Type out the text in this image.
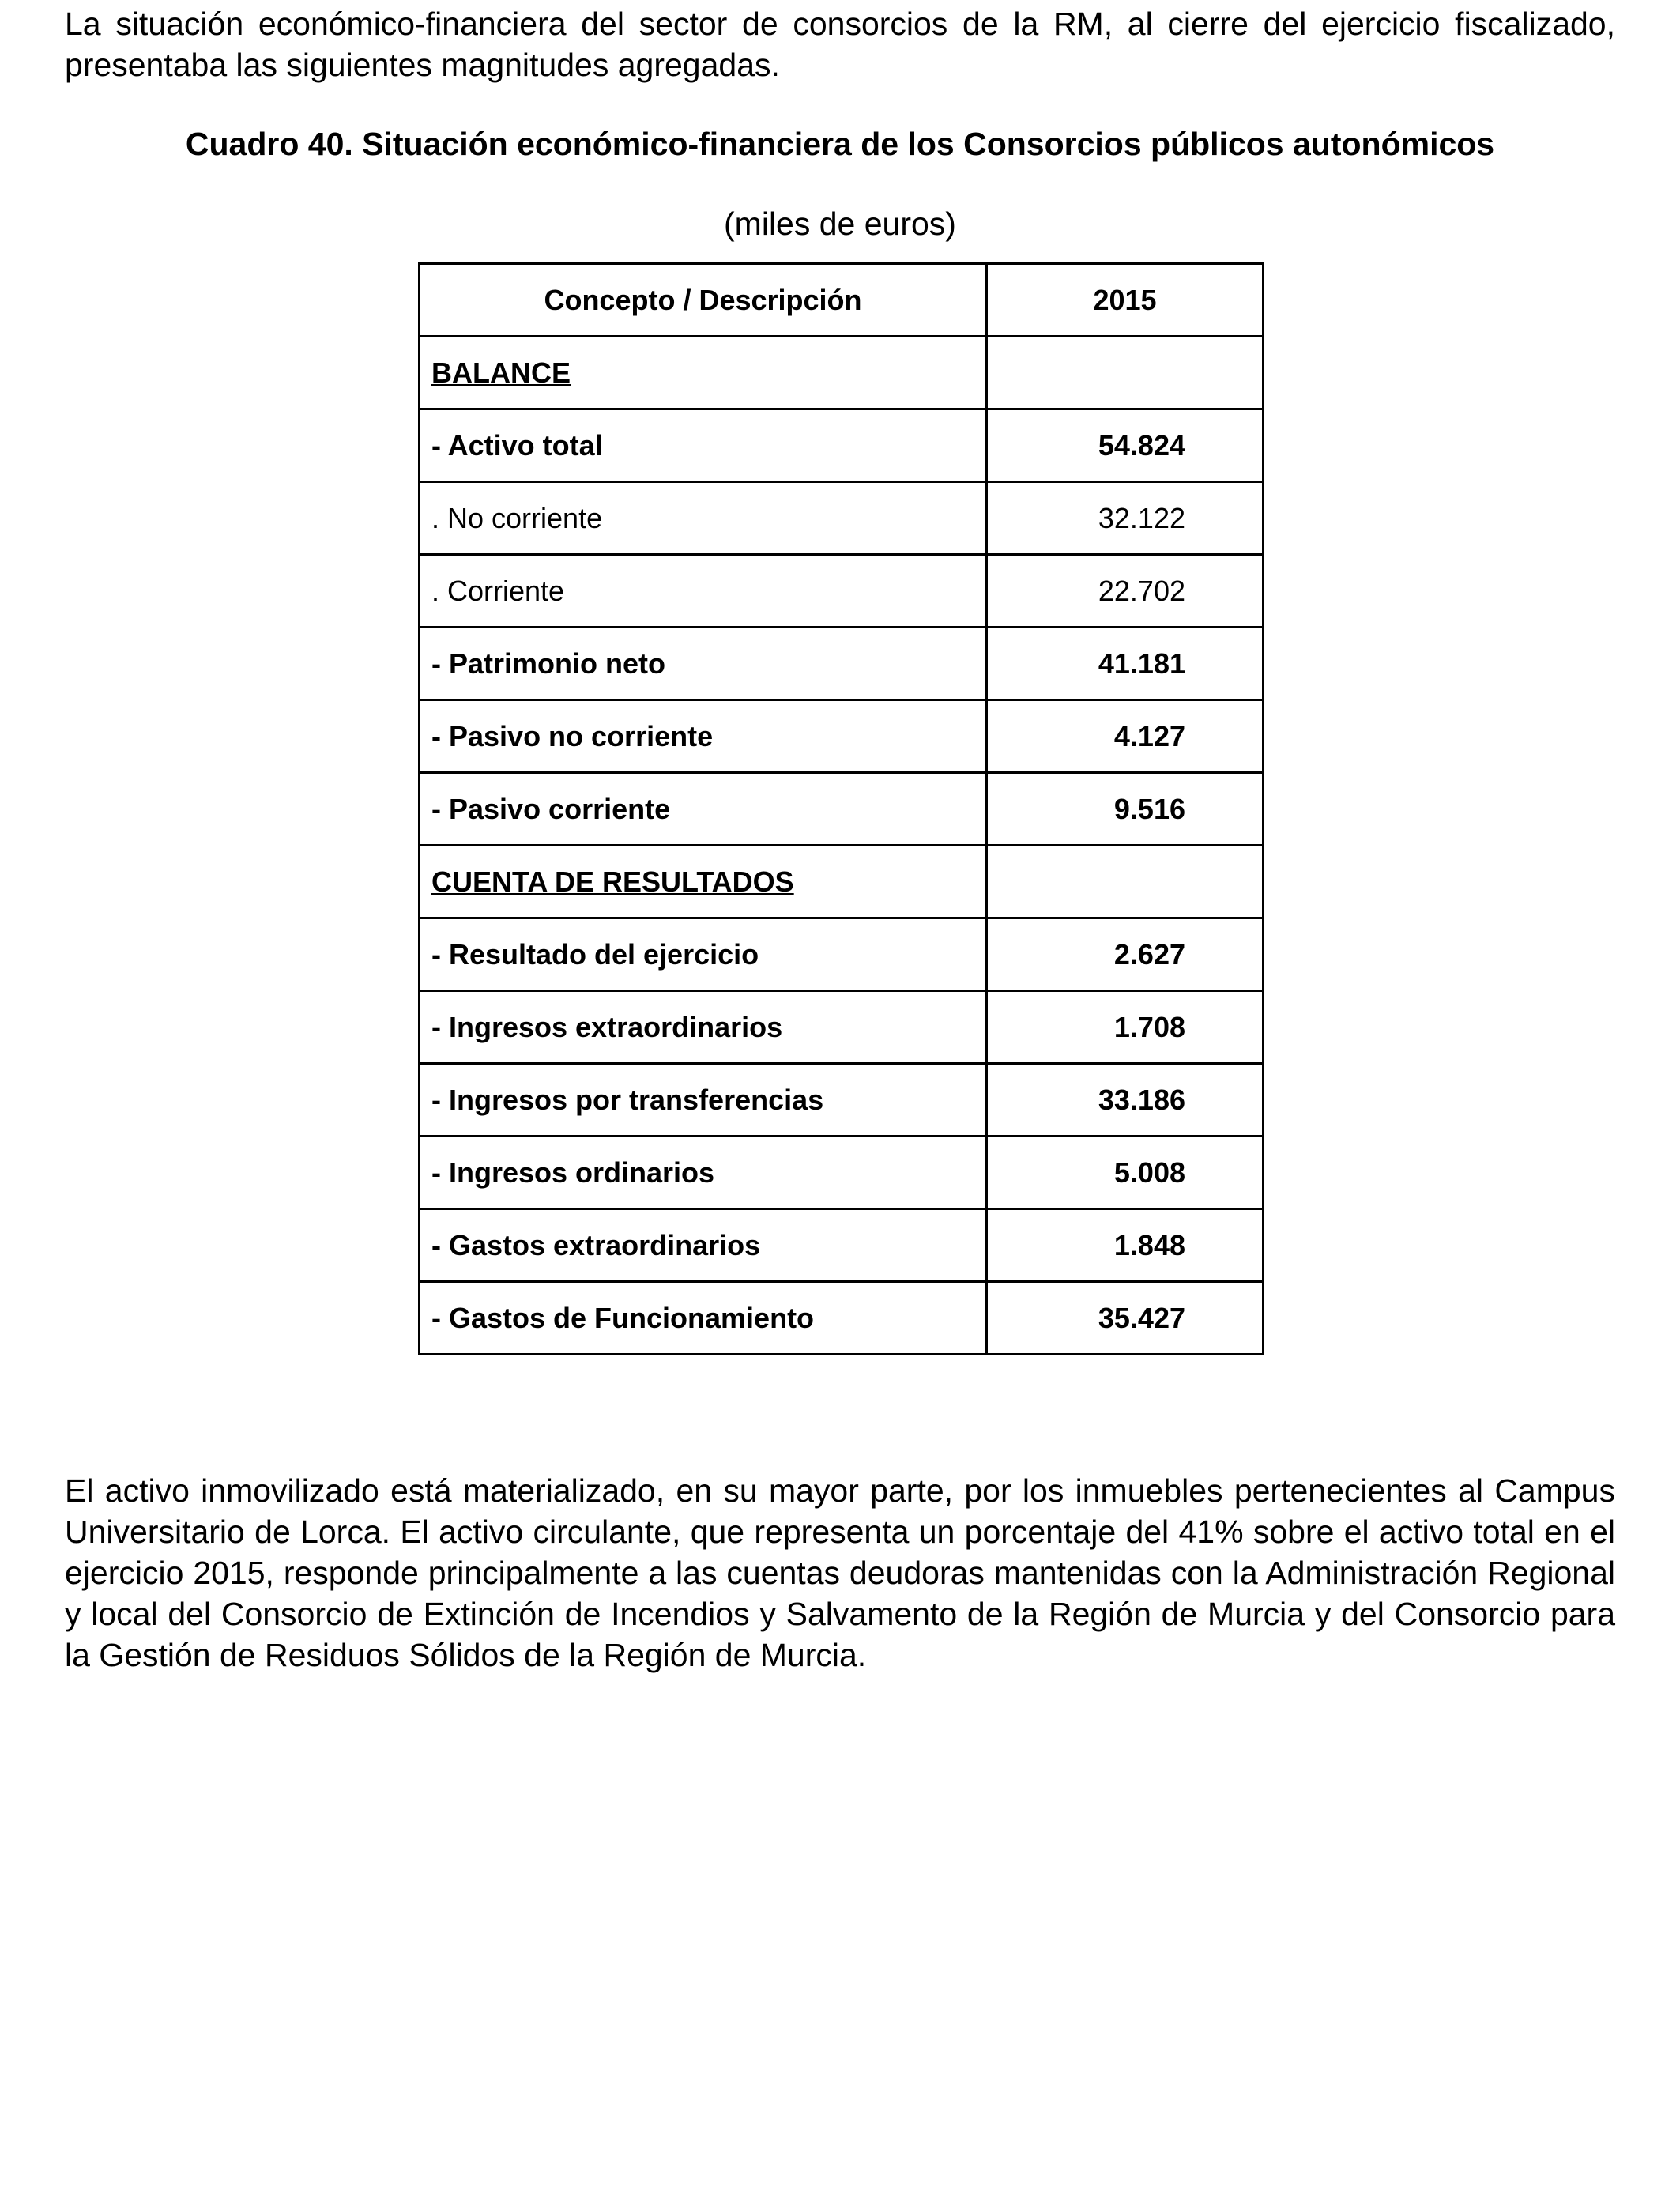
La situación económico-financiera del sector de consorcios de la RM, al cierre del ejercicio fiscalizado, presentaba las siguientes magnitudes agregadas.

Cuadro 40. Situación económico-financiera de los Consorcios públicos autonómicos

(miles de euros)

Concepto / Descripción	2015
BALANCE	
- Activo total	54.824
. No corriente	32.122
. Corriente	22.702
- Patrimonio neto	41.181
- Pasivo no corriente	4.127
- Pasivo corriente	9.516
CUENTA DE RESULTADOS	
- Resultado del ejercicio	2.627
- Ingresos extraordinarios	1.708
- Ingresos por transferencias	33.186
- Ingresos ordinarios	5.008
- Gastos extraordinarios	1.848
- Gastos de Funcionamiento	35.427

El activo inmovilizado está materializado, en su mayor parte, por los inmuebles pertenecientes al Campus Universitario de Lorca. El activo circulante, que representa un porcentaje del 41% sobre el activo total en el ejercicio 2015, responde principalmente a las cuentas deudoras mantenidas con la Administración Regional y local del Consorcio de Extinción de Incendios y Salvamento de la Región de Murcia y del Consorcio para la Gestión de Residuos Sólidos de la Región de Murcia.
